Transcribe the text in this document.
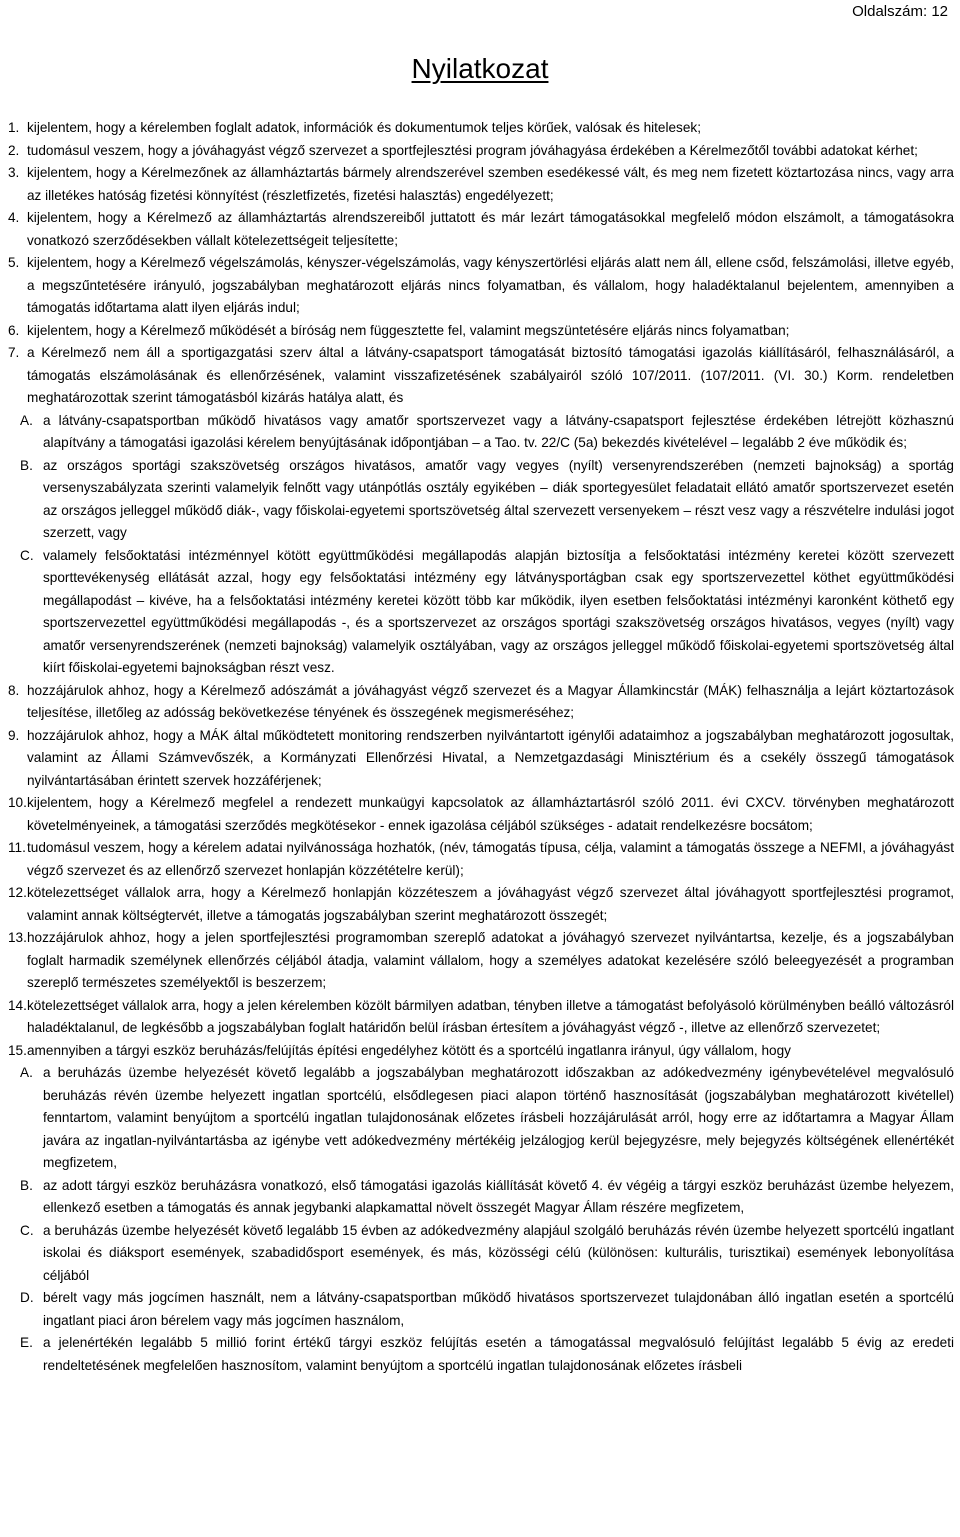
Oldalszám: 12
Nyilatkozat
1. kijelentem, hogy a kérelemben foglalt adatok, információk és dokumentumok teljes körűek, valósak és hitelesek;
2. tudomásul veszem, hogy a jóváhagyást végző szervezet a sportfejlesztési program jóváhagyása érdekében a Kérelmezőtől további adatokat kérhet;
3. kijelentem, hogy a Kérelmezőnek az államháztartás bármely alrendszerével szemben esedékessé vált, és meg nem fizetett köztartozása nincs, vagy arra az illetékes hatóság fizetési könnyítést (részletfizetés, fizetési halasztás) engedélyezett;
4. kijelentem, hogy a Kérelmező az államháztartás alrendszereiből juttatott és már lezárt támogatásokkal megfelelő módon elszámolt, a támogatásokra vonatkozó szerződésekben vállalt kötelezettségeit teljesítette;
5. kijelentem, hogy a Kérelmező végelszámolás, kényszer-végelszámolás, vagy kényszertörlési eljárás alatt nem áll, ellene csőd, felszámolási, illetve egyéb, a megszűntetésére irányuló, jogszabályban meghatározott eljárás nincs folyamatban, és vállalom, hogy haladéktalanul bejelentem, amennyiben a támogatás időtartama alatt ilyen eljárás indul;
6. kijelentem, hogy a Kérelmező működését a bíróság nem függesztette fel, valamint megszüntetésére eljárás nincs folyamatban;
7. a Kérelmező nem áll a sportigazgatási szerv által a látvány-csapatsport támogatását biztosító támogatási igazolás kiállításáról, felhasználásáról, a támogatás elszámolásának és ellenőrzésének, valamint visszafizetésének szabályairól szóló 107/2011. (107/2011. (VI. 30.) Korm. rendeletben meghatározottak szerint támogatásból kizárás hatálya alatt, és
A. a látvány-csapatsportban működő hivatásos vagy amatőr sportszervezet vagy a látvány-csapatsport fejlesztése érdekében létrejött közhasznú alapítvány a támogatási igazolási kérelem benyújtásának időpontjában – a Tao. tv. 22/C (5a) bekezdés kivételével – legalább 2 éve működik és;
B. az országos sportági szakszövetség országos hivatásos, amatőr vagy vegyes (nyílt) versenyrendszerében (nemzeti bajnokság) a sportág versenyszabályzata szerinti valamelyik felnőtt vagy utánpótlás osztály egyikében – diák sportegyesület feladatait ellátó amatőr sportszervezet esetén az országos jelleggel működő diák-, vagy főiskolai-egyetemi sportszövetség által szervezett versenyekem – részt vesz vagy a részvételre indulási jogot szerzett, vagy
C. valamely felsőoktatási intézménnyel kötött együttműködési megállapodás alapján biztosítja a felsőoktatási intézmény keretei között szervezett sporttevékenység ellátását azzal, hogy egy felsőoktatási intézmény egy látványsportágban csak egy sportszervezettel köthet együttműködési megállapodást – kivéve, ha a felsőoktatási intézmény keretei között több kar működik, ilyen esetben felsőoktatási intézményi karonként köthető egy sportszervezettel együttműködési megállapodás -, és a sportszervezet az országos sportági szakszövetség országos hivatásos, vegyes (nyílt) vagy amatőr versenyrendszerének (nemzeti bajnokság) valamelyik osztályában, vagy az országos jelleggel működő főiskolai-egyetemi sportszövetség által kiírt főiskolai-egyetemi bajnokságban részt vesz.
8. hozzájárulok ahhoz, hogy a Kérelmező adószámát a jóváhagyást végző szervezet és a Magyar Államkincstár (MÁK) felhasználja a lejárt köztartozások teljesítése, illetőleg az adósság bekövetkezése tényének és összegének megismeréséhez;
9. hozzájárulok ahhoz, hogy a MÁK által működtetett monitoring rendszerben nyilvántartott igénylői adataimhoz a jogszabályban meghatározott jogosultak, valamint az Állami Számvevőszék, a Kormányzati Ellenőrzési Hivatal, a Nemzetgazdasági Minisztérium és a csekély összegű támogatások nyilvántartásában érintett szervek hozzáférjenek;
10. kijelentem, hogy a Kérelmező megfelel a rendezett munkaügyi kapcsolatok az államháztartásról szóló 2011. évi CXCV. törvényben meghatározott követelményeinek, a támogatási szerződés megkötésekor - ennek igazolása céljából szükséges - adatait rendelkezésre bocsátom;
11. tudomásul veszem, hogy a kérelem adatai nyilvánossága hozhatók, (név, támogatás típusa, célja, valamint a támogatás összege a NEFMI, a jóváhagyást végző szervezet és az ellenőrző szervezet honlapján közzétételre kerül);
12. kötelezettséget vállalok arra, hogy a Kérelmező honlapján közzéteszem a jóváhagyást végző szervezet által jóváhagyott sportfejlesztési programot, valamint annak költségtervét, illetve a támogatás jogszabályban szerint meghatározott összegét;
13. hozzájárulok ahhoz, hogy a jelen sportfejlesztési programomban szereplő adatokat a jóváhagyó szervezet nyilvántartsa, kezelje, és a jogszabályban foglalt harmadik személynek ellenőrzés céljából átadja, valamint vállalom, hogy a személyes adatokat kezelésére szóló beleegyezését a programban szereplő természetes személyektől is beszerzem;
14. kötelezettséget vállalok arra, hogy a jelen kérelemben közölt bármilyen adatban, tényben illetve a támogatást befolyásoló körülményben beálló változásról haladéktalanul, de legkésőbb a jogszabályban foglalt határidőn belül írásban értesítem a jóváhagyást végző -, illetve az ellenőrző szervezetet;
15. amennyiben a tárgyi eszköz beruházás/felújítás építési engedélyhez kötött és a sportcélú ingatlanra irányul, úgy vállalom, hogy
A. a beruházás üzembe helyezését követő legalább a jogszabályban meghatározott időszakban az adókedvezmény igénybevételével megvalósuló beruházás révén üzembe helyezett ingatlan sportcélú, elsődlegesen piaci alapon történő hasznosítását (jogszabályban meghatározott kivétellel) fenntartom, valamint benyújtom a sportcélú ingatlan tulajdonosának előzetes írásbeli hozzájárulását arról, hogy erre az időtartamra a Magyar Állam javára az ingatlan-nyilvántartásba az igénybe vett adókedvezmény mértékéig jelzálogjog kerül bejegyzésre, mely bejegyzés költségének ellenértékét megfizetem,
B. az adott tárgyi eszköz beruházásra vonatkozó, első támogatási igazolás kiállítását követő 4. év végéig a tárgyi eszköz beruházást üzembe helyezem, ellenkező esetben a támogatás és annak jegybanki alapkamattal növelt összegét Magyar Állam részére megfizetem,
C. a beruházás üzembe helyezését követő legalább 15 évben az adókedvezmény alapjául szolgáló beruházás révén üzembe helyezett sportcélú ingatlant iskolai és diáksport események, szabadidősport események, és más, közösségi célú (különösen: kulturális, turisztikai) események lebonyolítása céljából
D. bérelt vagy más jogcímen használt, nem a látvány-csapatsportban működő hivatásos sportszervezet tulajdonában álló ingatlan esetén a sportcélú ingatlant piaci áron bérelem vagy más jogcímen használom,
E. a jelenértékén legalább 5 millió forint értékű tárgyi eszköz felújítás esetén a támogatással megvalósuló felújítást legalább 5 évig az eredeti rendeltetésének megfelelően hasznosítom, valamint benyújtom a sportcélú ingatlan tulajdonosának előzetes írásbeli
